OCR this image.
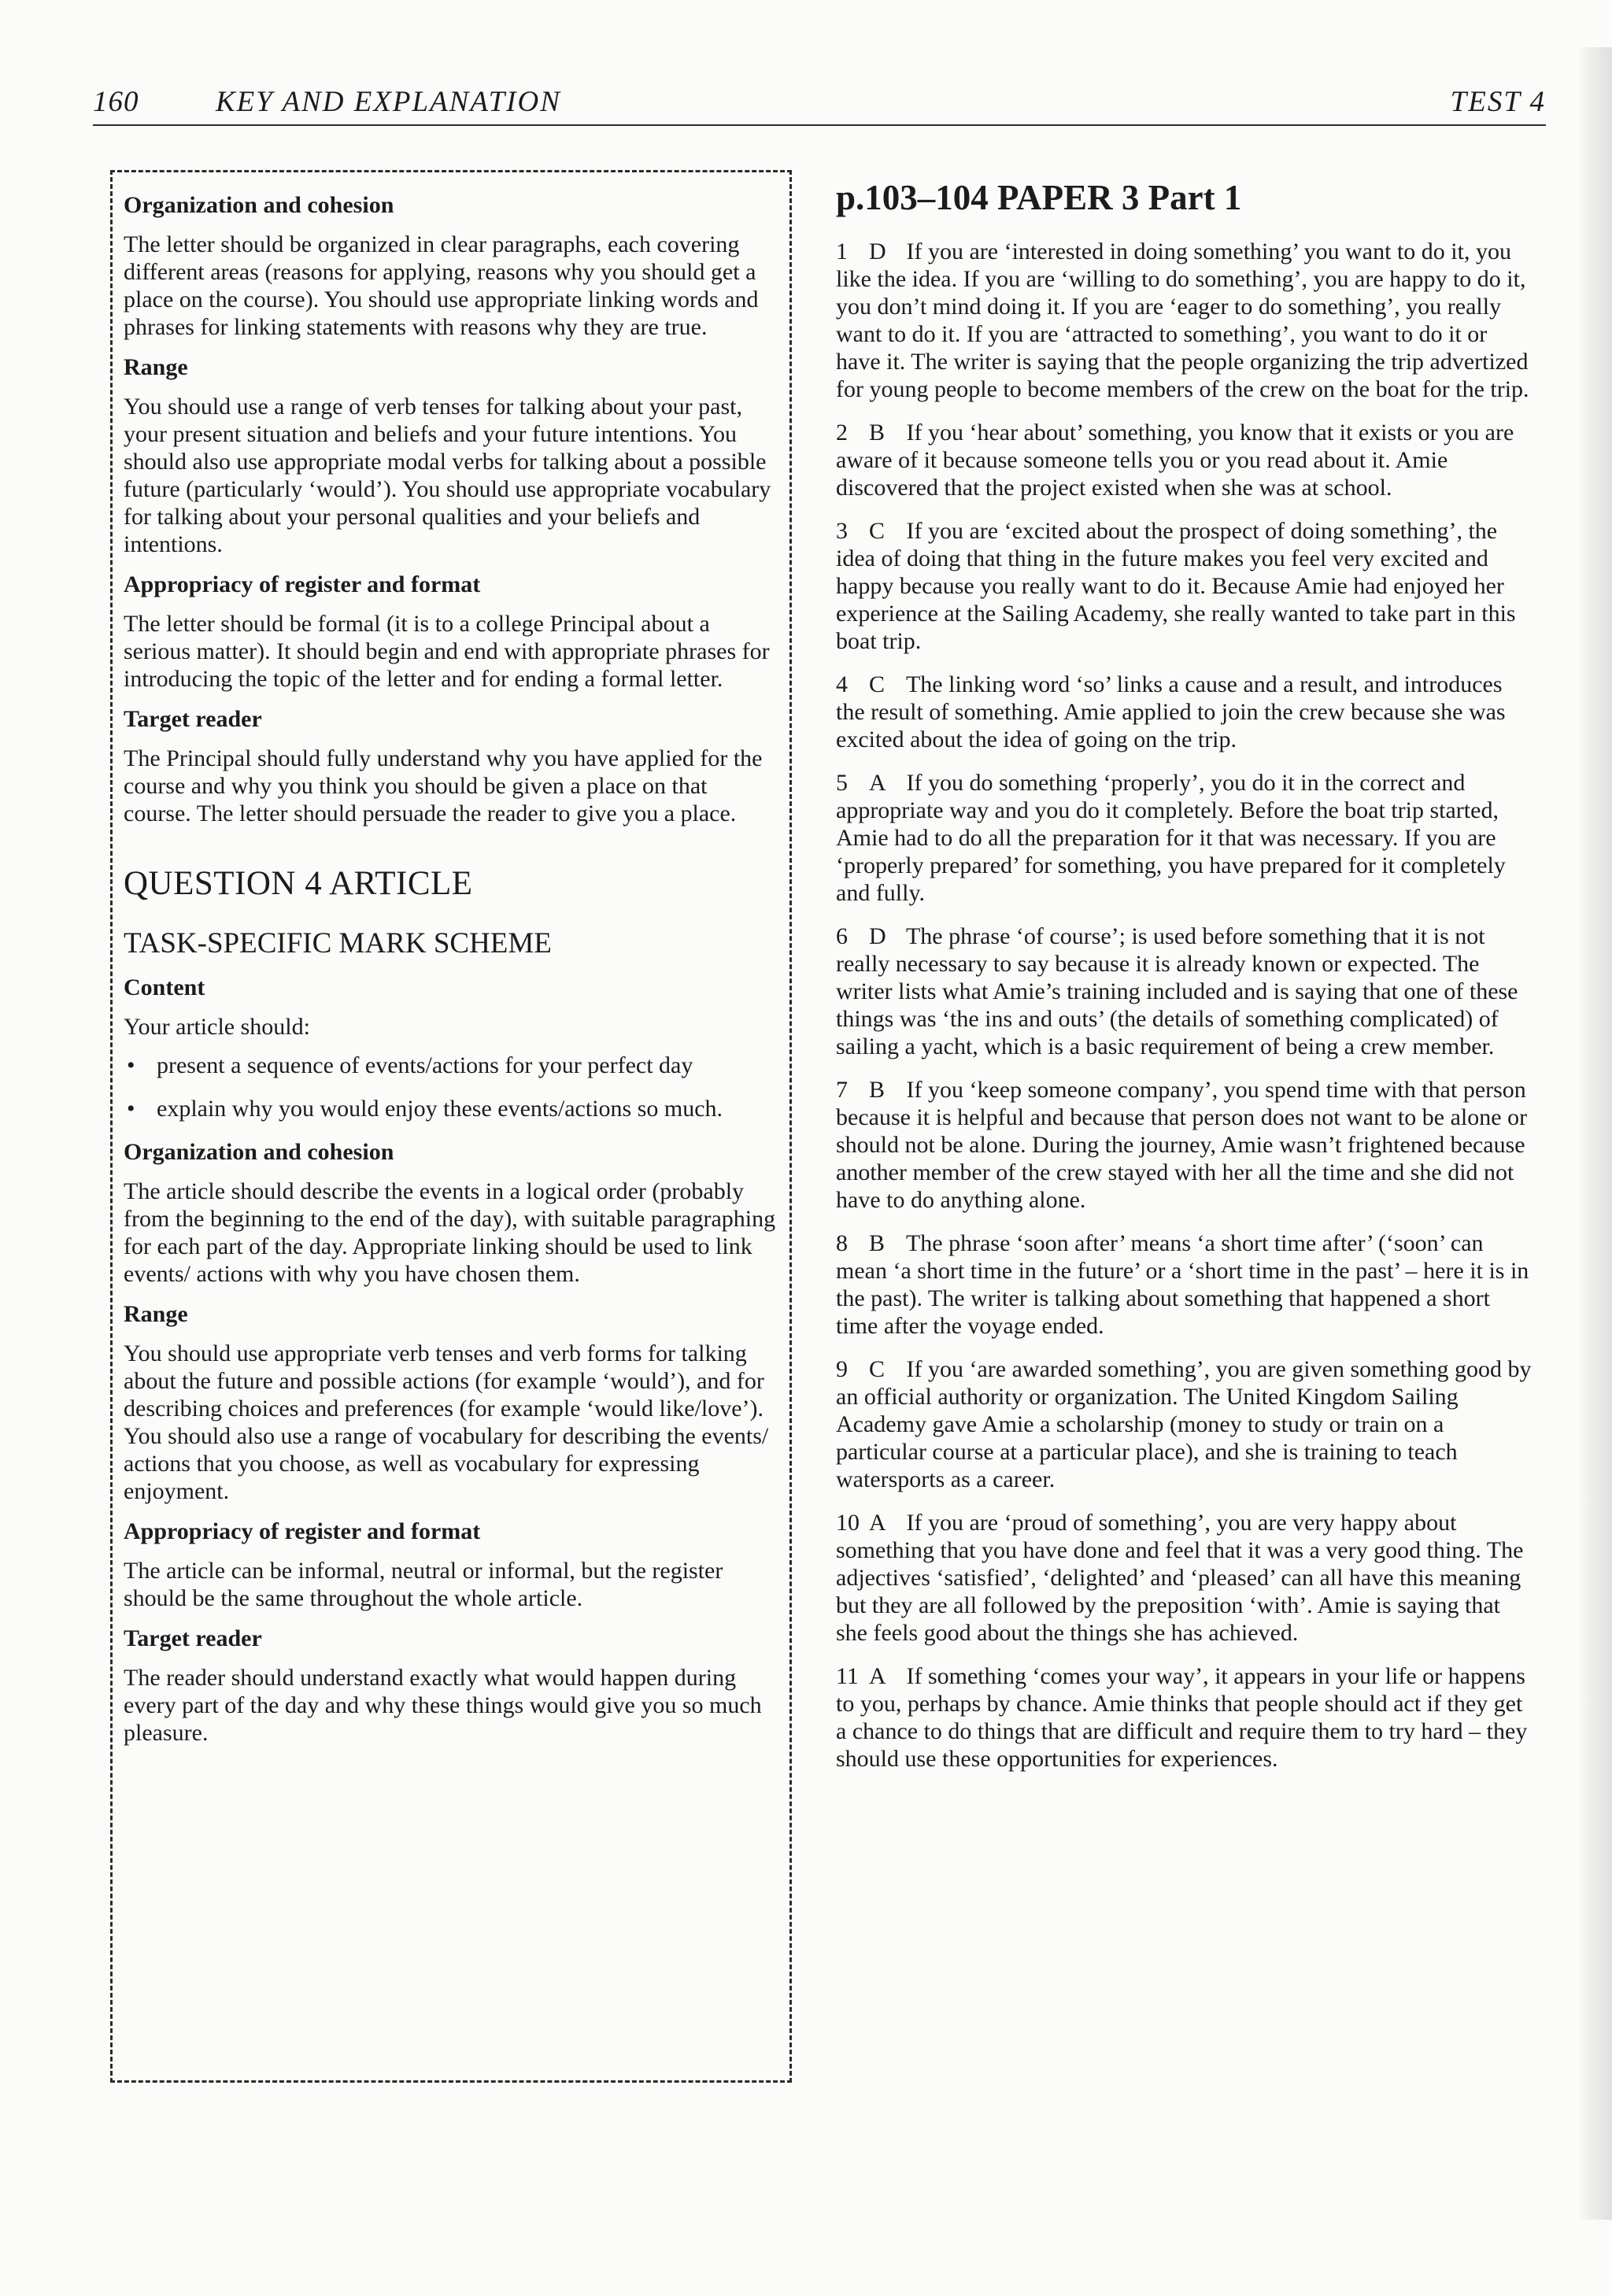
160	KEY AND EXPLANATION	TEST 4
Organization and cohesion

The letter should be organized in clear paragraphs, each covering different areas (reasons for applying, reasons why you should get a place on the course). You should use appropriate linking words and phrases for linking statements with reasons why they are true.

Range

You should use a range of verb tenses for talking about your past, your present situation and beliefs and your future intentions. You should also use appropriate modal verbs for talking about a possible future (particularly ‘would’). You should use appropriate vocabulary for talking about your personal qualities and your beliefs and intentions.

Appropriacy of register and format

The letter should be formal (it is to a college Principal about a serious matter). It should begin and end with appropriate phrases for introducing the topic of the letter and for ending a formal letter.

Target reader

The Principal should fully understand why you have applied for the course and why you think you should be given a place on that course. The letter should persuade the reader to give you a place.

QUESTION 4 ARTICLE
TASK-SPECIFIC MARK SCHEME
Content

Your article should:

• present a sequence of events/actions for your perfect day
• explain why you would enjoy these events/actions so much.
Organization and cohesion

The article should describe the events in a logical order (probably from the beginning to the end of the day), with suitable paragraphing for each part of the day. Appropriate linking should be used to link events/ actions with why you have chosen them.

Range

You should use appropriate verb tenses and verb forms for talking about the future and possible actions (for example ‘would’), and for describing choices and preferences (for example ‘would like/love’). You should also use a range of vocabulary for describing the events/ actions that you choose, as well as vocabulary for expressing enjoyment.

Appropriacy of register and format

The article can be informal, neutral or informal, but the register should be the same throughout the whole article.

Target reader

The reader should understand exactly what would happen during every part of the day and why these things would give you so much pleasure.

p.103–104 PAPER 3 Part 1

1 D If you are ‘interested in doing something’ you want to do it, you like the idea. If you are ‘willing to do something’, you are happy to do it, you don’t mind doing it. If you are ‘eager to do something’, you really want to do it. If you are ‘attracted to something’, you want to do it or have it. The writer is saying that the people organizing the trip advertized for young people to become members of the crew on the boat for the trip.

2 B If you ‘hear about’ something, you know that it exists or you are aware of it because someone tells you or you read about it. Amie discovered that the project existed when she was at school.

3 C If you are ‘excited about the prospect of doing something’, the idea of doing that thing in the future makes you feel very excited and happy because you really want to do it. Because Amie had enjoyed her experience at the Sailing Academy, she really wanted to take part in this boat trip.

4 C The linking word ‘so’ links a cause and a result, and introduces the result of something. Amie applied to join the crew because she was excited about the idea of going on the trip.

5 A If you do something ‘properly’, you do it in the correct and appropriate way and you do it completely. Before the boat trip started, Amie had to do all the preparation for it that was necessary. If you are ‘properly prepared’ for something, you have prepared for it completely and fully.

6 D The phrase ‘of course’; is used before something that it is not really necessary to say because it is already known or expected. The writer lists what Amie’s training included and is saying that one of these things was ‘the ins and outs’ (the details of something complicated) of sailing a yacht, which is a basic requirement of being a crew member.

7 B If you ‘keep someone company’, you spend time with that person because it is helpful and because that person does not want to be alone or should not be alone. During the journey, Amie wasn’t frightened because another member of the crew stayed with her all the time and she did not have to do anything alone.

8 B The phrase ‘soon after’ means ‘a short time after’ (‘soon’ can mean ‘a short time in the future’ or a ‘short time in the past’ – here it is in the past). The writer is talking about something that happened a short time after the voyage ended.

9 C If you ‘are awarded something’, you are given something good by an official authority or organization. The United Kingdom Sailing Academy gave Amie a scholarship (money to study or train on a particular course at a particular place), and she is training to teach watersports as a career.

10 A If you are ‘proud of something’, you are very happy about something that you have done and feel that it was a very good thing. The adjectives ‘satisfied’, ‘delighted’ and ‘pleased’ can all have this meaning but they are all followed by the preposition ‘with’. Amie is saying that she feels good about the things she has achieved.

11 A If something ‘comes your way’, it appears in your life or happens to you, perhaps by chance. Amie thinks that people should act if they get a chance to do things that are difficult and require them to try hard – they should use these opportunities for experiences.
